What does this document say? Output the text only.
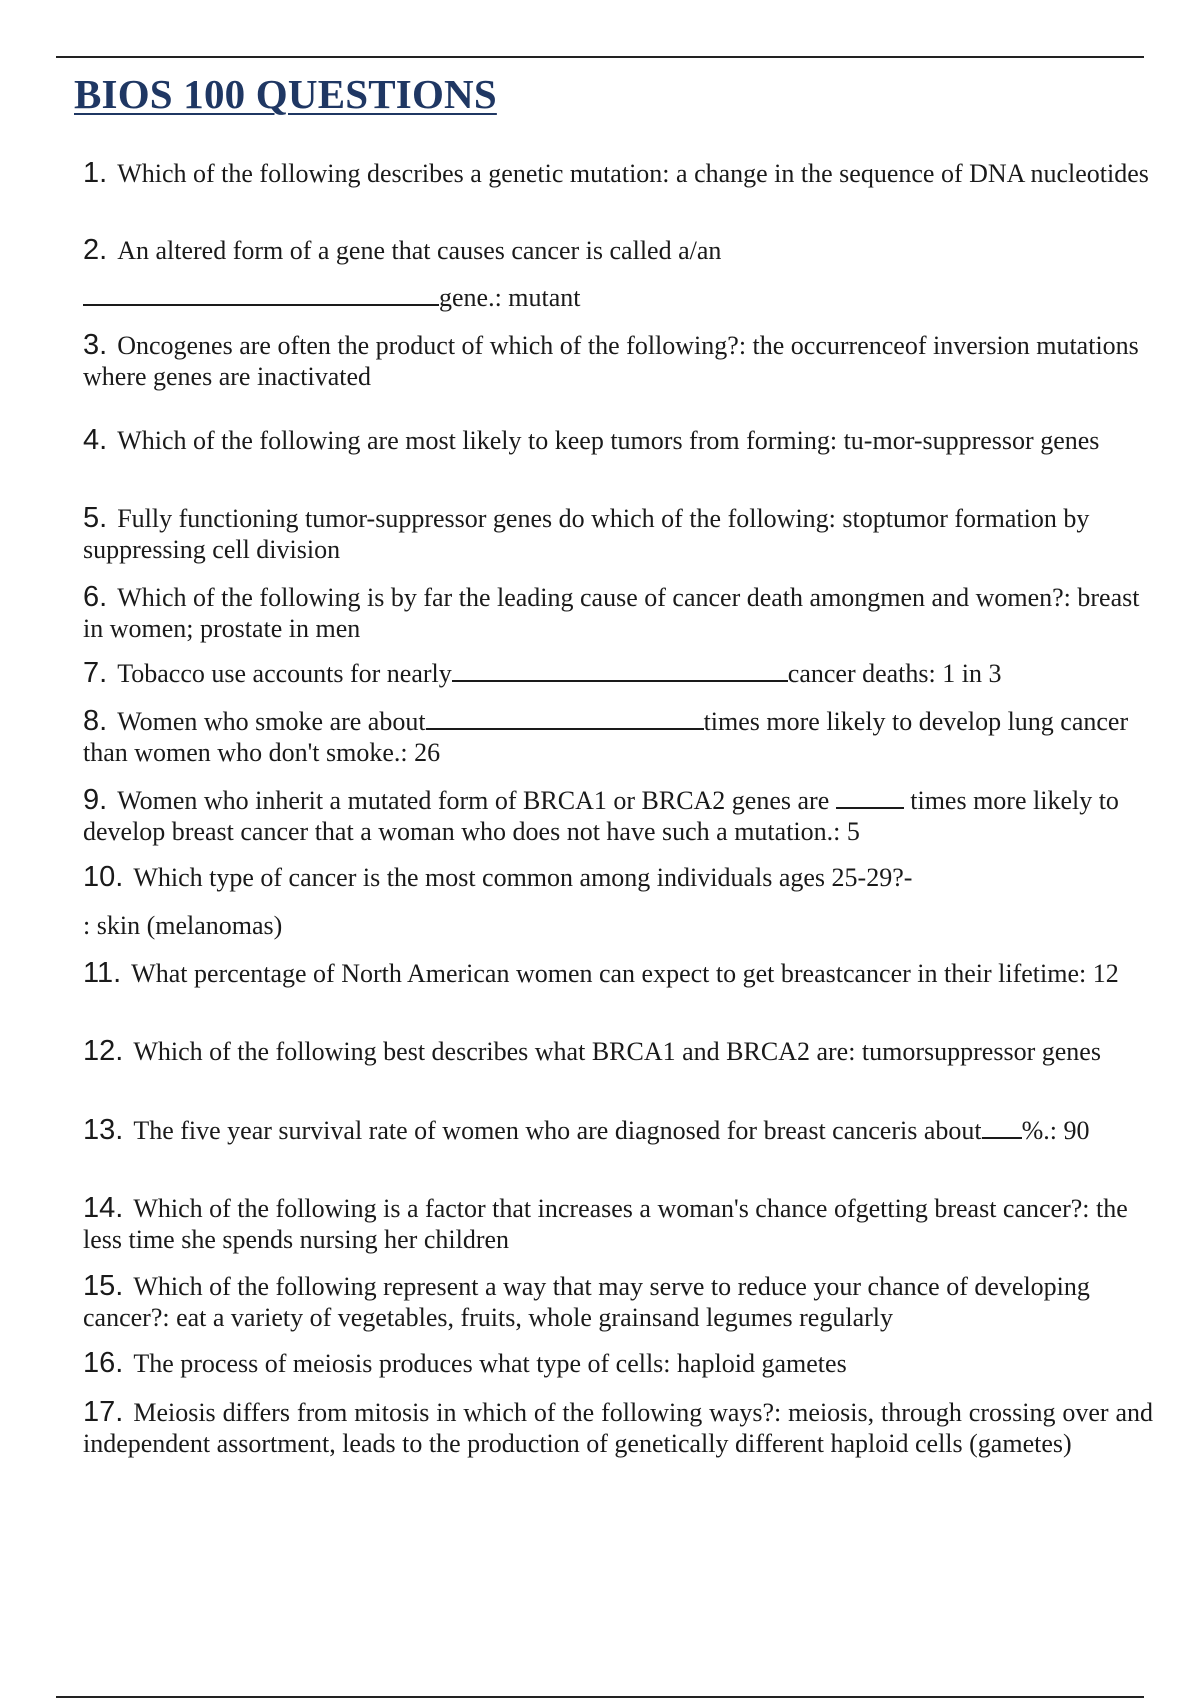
BIOS 100 QUESTIONS

1. Which of the following describes a genetic mutation: a change in the sequence of DNA nucleotides

2. An altered form of a gene that causes cancer is called a/an

gene.: mutant

3. Oncogenes are often the product of which of the following?: the occurrenceof inversion mutations where genes are inactivated

4. Which of the following are most likely to keep tumors from forming: tu-mor-suppressor genes

5. Fully functioning tumor-suppressor genes do which of the following: stoptumor formation by suppressing cell division

6. Which of the following is by far the leading cause of cancer death amongmen and women?: breast in women; prostate in men

7. Tobacco use accounts for nearly	cancer deaths: 1 in 3

8. Women who smoke are about	times more likely to develop lung cancer than women who don't smoke.: 26

9. Women who inherit a mutated form of BRCA1 or BRCA2 genes are	times more likely to develop breast cancer that a woman who does not have such a mutation.: 5

10. Which type of cancer is the most common among individuals ages 25-29?-

: skin (melanomas)

11. What percentage of North American women can expect to get breastcancer in their lifetime: 12

12. Which of the following best describes what BRCA1 and BRCA2 are: tumorsuppressor genes

13. The five year survival rate of women who are diagnosed for breast canceris about %.: 90

14. Which of the following is a factor that increases a woman's chance ofgetting breast cancer?: the less time she spends nursing her children

15. Which of the following represent a way that may serve to reduce your chance of developing cancer?: eat a variety of vegetables, fruits, whole grainsand legumes regularly

16. The process of meiosis produces what type of cells: haploid gametes

17. Meiosis differs from mitosis in which of the following ways?: meiosis, through crossing over and independent assortment, leads to the production of genetically different haploid cells (gametes)
